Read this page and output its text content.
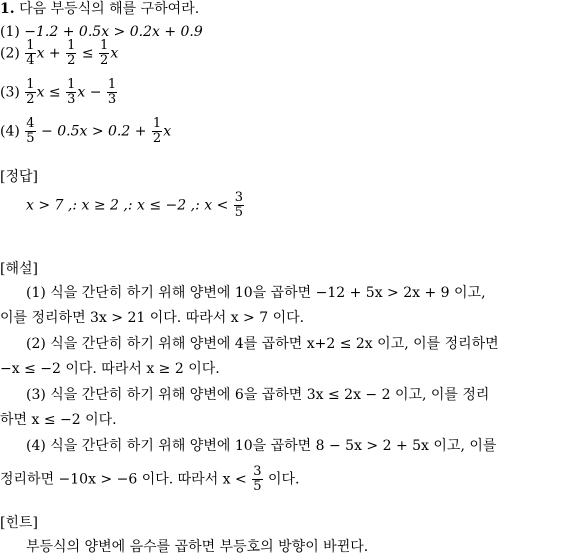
1. 다음 부등식의 해를 구하여라.
(1) −1.2 + 0.5x > 0.2x + 0.9
$(2) \frac{1}{4}$ $x + \frac{1}{2} \le \frac{1}{2}$ x
$(3) \frac{1}{2}$ $x \le \frac{1}{3}$ $x - \frac{1}{3}$
$(4) \frac{4}{5} - 0.5x > 0.2 + \frac{1}{2}$ x
[정답]
x > 7 ,: x ≥ 2 ,: x ≤ −2 ,: $x < \frac{3}{5}$
[해설]
(1) 식을 간단히 하기 위해 양변에 10을 곱하면 −12 + 5x > 2x + 9 이고,
이를 정리하면 3x > 21 이다. 따라서 x > 7 이다.
(2) 식을 간단히 하기 위해 양변에 4를 곱하면 x+2 ≤ 2x 이고, 이를 정리하면
−x ≤ −2 이다. 따라서 x ≥ 2 이다.
(3) 식을 간단히 하기 위해 양변에 6을 곱하면 3x ≤ 2x − 2 이고, 이를 정리
하면 x ≤ −2 이다.
(4) 식을 간단히 하기 위해 양변에 10을 곱하면 8 − 5x > 2 + 5x 이고, 이를
정리하면 −10x > −6 이다. 따라서 $x < \frac{3}{5}$ 이다.
[힌트]
부등식의 양변에 음수를 곱하면 부등호의 방향이 바뀐다.
